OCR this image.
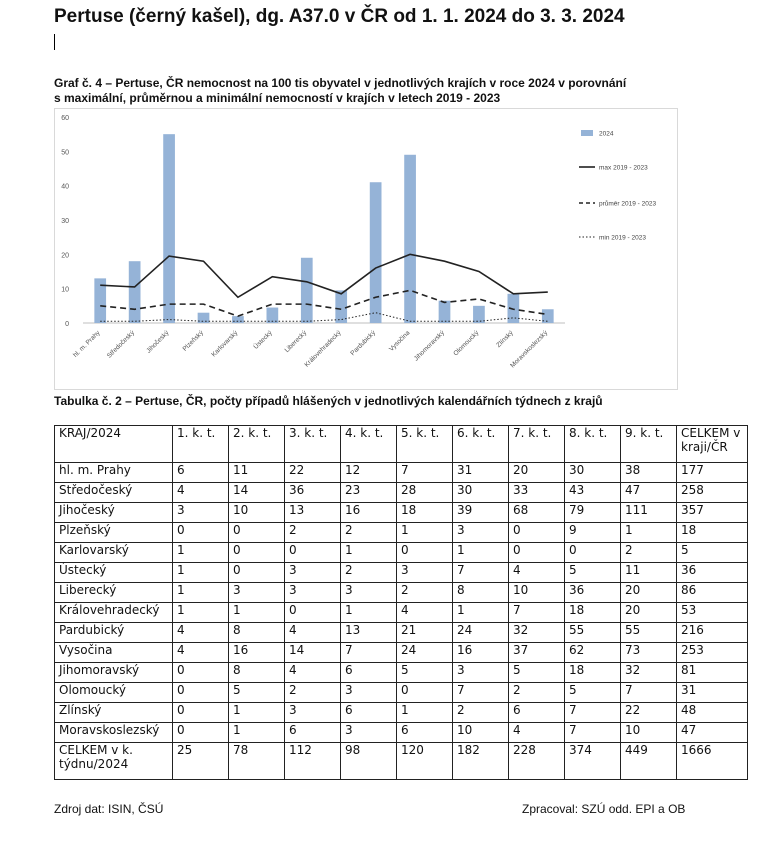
Pertuse (černý kašel), dg. A37.0 v ČR od 1. 1. 2024 do 3. 3. 2024
Graf č. 4 – Pertuse, ČR nemocnost na 100 tis obyvatel v jednotlivých krajích v roce 2024 v porovnání
s maximální, průměrnou a minimální nemocností v krajích v letech 2019 - 2023
0
10
20
30
40
50
60
hl. m. Prahy Středočeský Jihočeský Plzeňský Karlovarský Ústecký Liberecký
Královehradecký Pardubický Vysočina Jihomoravský Olomoucký Zlínský
Moravskoslezský
2024
max 2019 - 2023
průměr 2019 - 2023
min 2019 - 2023
Tabulka č. 2 – Pertuse, ČR, počty případů hlášených v jednotlivých kalendářních týdnech z krajů
KRAJ/2024	1. k. t.	2. k. t.	3. k. t.	4. k. t.	5. k. t.	6. k. t.	7. k. t.	8. k. t.	9. k. t.	CELKEM v kraji/ČR
hl. m. Prahy	6	11	22	12	7	31	20	30	38	177
Středočeský	4	14	36	23	28	30	33	43	47	258
Jihočeský	3	10	13	16	18	39	68	79	111	357
Plzeňský	0	0	2	2	1	3	0	9	1	18
Karlovarský	1	0	0	1	0	1	0	0	2	5
Ústecký	1	0	3	2	3	7	4	5	11	36
Liberecký	1	3	3	3	2	8	10	36	20	86
Královehradecký	1	1	0	1	4	1	7	18	20	53
Pardubický	4	8	4	13	21	24	32	55	55	216
Vysočina	4	16	14	7	24	16	37	62	73	253
Jihomoravský	0	8	4	6	5	3	5	18	32	81
Olomoucký	0	5	2	3	0	7	2	5	7	31
Zlínský	0	1	3	6	1	2	6	7	22	48
Moravskoslezský	0	1	6	3	6	10	4	7	10	47
CELKEM v k. týdnu/2024	25	78	112	98	120	182	228	374	449	1666
Zdroj dat: ISIN, ČSÚ	Zpracoval: SZÚ odd. EPI a OB
